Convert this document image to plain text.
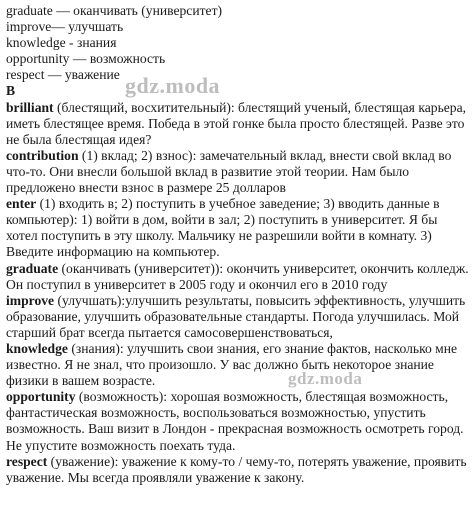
graduate — оканчивать (университет)
improve— улучшать
knowledge - знания
opportunity — возможность
respect — уважение
B

brilliant (блестящий, восхитительный): блестящий ученый, блестящая карьера, иметь блестящее время. Победа в этой гонке была просто блестящей. Разве это не была блестящая идея?

contribution (1) вклад; 2) взнос): замечательный вклад, внести свой вклад во что-то. Они внесли большой вклад в развитие этой теории. Нам было предложено внести взнос в размере 25 долларов

enter (1) входить в; 2) поступить в учебное заведение; 3) вводить данные в компьютер): 1) войти в дом, войти в зал; 2) поступить в университет. Я бы хотел поступить в эту школу. Мальчику не разрешили войти в комнату. 3) Введите информацию на компьютер.

graduate (оканчивать (университет)): окончить университет, окончить колледж. Он поступил в университет в 2005 году и окончил его в 2010 году

improve (улучшать):улучшить результаты, повысить эффективность, улучшить образование, улучшить образовательные стандарты. Погода улучшилась. Мой старший брат всегда пытается самосовершенствоваться,

knowledge (знания): улучшить свои знания, его знание фактов, насколько мне известно. Я не знал, что произошло. У вас должно быть некоторое знание физики в вашем возрасте.

opportunity (возможность): хорошая возможность, блестящая возможность, фантастическая возможность, воспользоваться возможностью, упустить возможность. Ваш визит в Лондон - прекрасная возможность осмотреть город. Не упустите возможность поехать туда.

respect (уважение): уважение к кому-то / чему-то, потерять уважение, проявить уважение. Мы всегда проявляли уважение к закону.

gdz.moda
gdz.moda
